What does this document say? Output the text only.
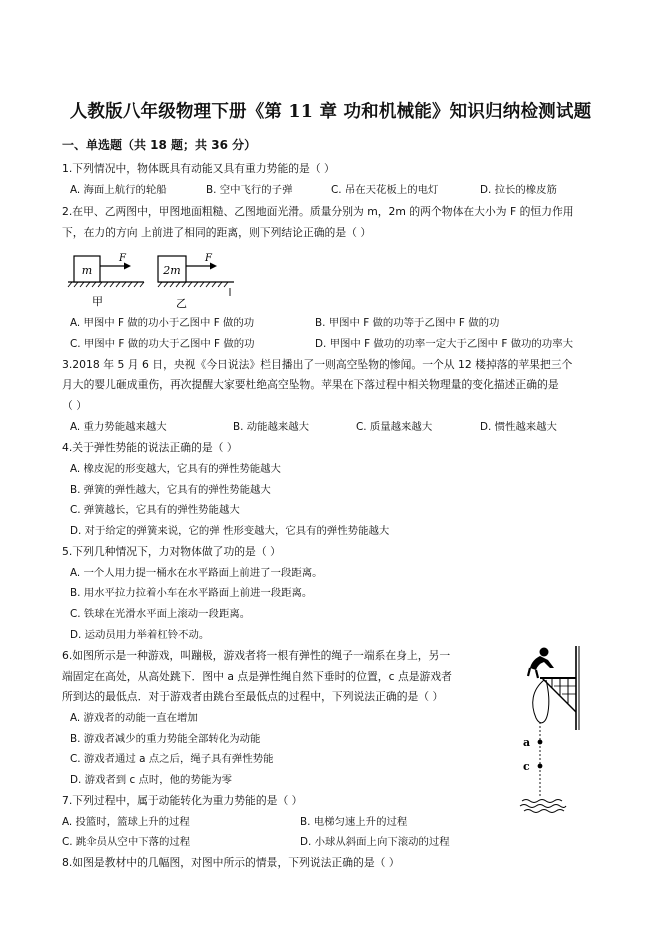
人教版八年级物理下册《第 11 章 功和机械能》知识归纳检测试题
一、单选题（共 18 题；共 36 分）
1.下列情况中，物体既具有动能又具有重力势能的是（ ）
A. 海面上航行的轮船	B. 空中飞行的子弹	C. 吊在天花板上的电灯	D. 拉长的橡皮筋
2.在甲、乙两图中，甲图地面粗糙、乙图地面光滑。质量分别为 m，2m 的两个物体在大小为 F 的恒力作用
下，在力的方向 上前进了相同的距离，则下列结论正确的是（ ）
m
F
甲
2m
F
乙
A. 甲图中 F 做的功小于乙图中 F 做的功	B. 甲图中 F 做的功等于乙图中 F 做的功
C. 甲图中 F 做的功大于乙图中 F 做的功	D. 甲图中 F 做功的功率一定大于乙图中 F 做功的功率大
3.2018 年 5 月 6 日，央视《今日说法》栏目播出了一则高空坠物的惨闻。一个从 12 楼掉落的苹果把三个
月大的婴儿砸成重伤，再次提醒大家要杜绝高空坠物。苹果在下落过程中相关物理量的变化描述正确的是
（ ）
A. 重力势能越来越大	B. 动能越来越大	C. 质量越来越大	D. 惯性越来越大
4.关于弹性势能的说法正确的是（ ）
A. 橡皮泥的形变越大，它具有的弹性势能越大
B. 弹簧的弹性越大，它具有的弹性势能越大
C. 弹簧越长，它具有的弹性势能越大
D. 对于给定的弹簧来说，它的弹 性形变越大，它具有的弹性势能越大
5.下列几种情况下，力对物体做了功的是（ ）
A. 一个人用力提一桶水在水平路面上前进了一段距离。
B. 用水平拉力拉着小车在水平路面上前进一段距离。
C. 铁球在光滑水平面上滚动一段距离。
D. 运动员用力举着杠铃不动。
6.如图所示是一种游戏，叫蹦极，游戏者将一根有弹性的绳子一端系在身上，另一
端固定在高处，从高处跳下．图中 a 点是弹性绳自然下垂时的位置，c 点是游戏者
所到达的最低点．对于游戏者由跳台至最低点的过程中，下列说法正确的是（ ）
A. 游戏者的动能一直在增加
B. 游戏者减少的重力势能全部转化为动能
C. 游戏者通过 a 点之后，绳子具有弹性势能
D. 游戏者到 c 点时，他的势能为零
a
c
7.下列过程中，属于动能转化为重力势能的是（ ）
A. 投篮时，篮球上升的过程	B. 电梯匀速上升的过程
C. 跳伞员从空中下落的过程	D. 小球从斜面上向下滚动的过程
8.如图是教材中的几幅图，对图中所示的情景，下列说法正确的是（ ）
